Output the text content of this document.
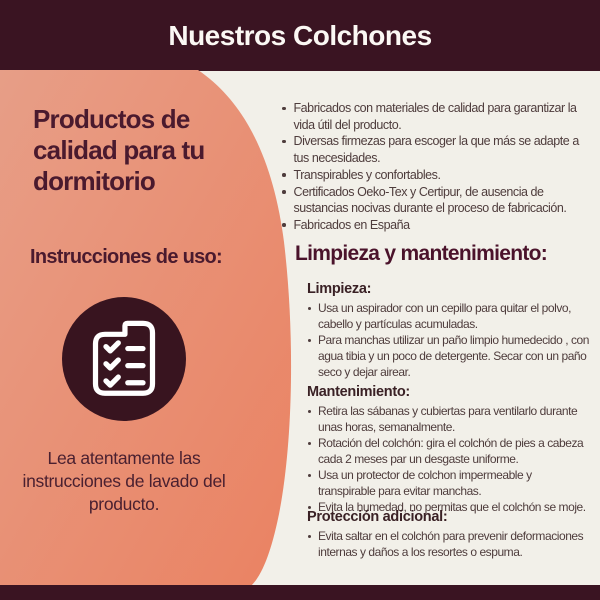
Nuestros Colchones
Productos de calidad para tu dormitorio
Instrucciones de uso:
Lea atentamente las instrucciones de lavado del producto.
Fabricados con materiales de calidad para garantizar la vida útil del producto.
Diversas firmezas para escoger la que más se adapte a tus necesidades.
Transpirables y confortables.
Certificados Oeko-Tex y Certipur, de ausencia de sustancias nocivas durante el proceso de fabricación.
Fabricados en España
Limpieza y mantenimiento:
Limpieza:
Usa un aspirador con un cepillo para quitar el polvo, cabello y partículas acumuladas.
Para manchas utilizar un paño limpio humedecido , con agua tibia y un poco de detergente. Secar con un paño seco y dejar airear.
Mantenimiento:
Retira las sábanas y cubiertas para ventilarlo durante unas horas, semanalmente.
Rotación del colchón: gira el colchón de pies a cabeza cada 2 meses par un desgaste uniforme.
Usa un protector de colchon impermeable y transpirable para evitar manchas.
Evita la humedad, no permitas que el colchón se moje.
Protección adicional:
Evita saltar en el colchón para prevenir deformaciones internas y daños a los resortes o espuma.
